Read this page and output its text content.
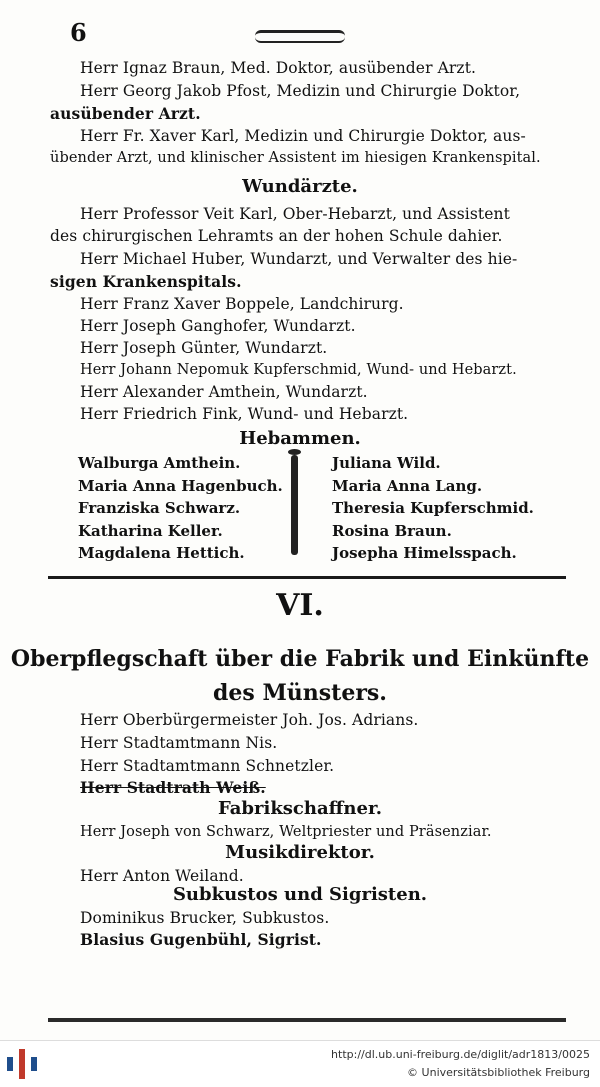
6
Herr Ignaz Braun, Med. Doktor, ausübender Arzt.
Herr Georg Jakob Pfost, Medizin und Chirurgie Doktor,
ausübender Arzt.
Herr Fr. Xaver Karl, Medizin und Chirurgie Doktor, aus-
übender Arzt, und klinischer Assistent im hiesigen Krankenspital.
Wundärzte.
Herr Professor Veit Karl, Ober-Hebarzt, und Assistent
des chirurgischen Lehramts an der hohen Schule dahier.
Herr Michael Huber, Wundarzt, und Verwalter des hie-
sigen Krankenspitals.
Herr Franz Xaver Boppele, Landchirurg.
Herr Joseph Ganghofer, Wundarzt.
Herr Joseph Günter, Wundarzt.
Herr Johann Nepomuk Kupferschmid, Wund- und Hebarzt.
Herr Alexander Amthein, Wundarzt.
Herr Friedrich Fink, Wund- und Hebarzt.
Hebammen.
Walburga Amthein.
Maria Anna Hagenbuch.
Franziska Schwarz.
Katharina Keller.
Magdalena Hettich.
Juliana Wild.
Maria Anna Lang.
Theresia Kupferschmid.
Rosina Braun.
Josepha Himelsspach.
VI.
Oberpflegschaft über die Fabrik und Einkünfte
des Münsters.
Herr Oberbürgermeister Joh. Jos. Adrians.
Herr Stadtamtmann Nis.
Herr Stadtamtmann Schnetzler.
Herr Stadtrath Weiß.
Fabrikschaffner.
Herr Joseph von Schwarz, Weltpriester und Präsenziar.
Musikdirektor.
Herr Anton Weiland.
Subkustos und Sigristen.
Dominikus Brucker, Subkustos.
Blasius Gugenbühl, Sigrist.
http://dl.ub.uni-freiburg.de/diglit/adr1813/0025
© Universitätsbibliothek Freiburg
